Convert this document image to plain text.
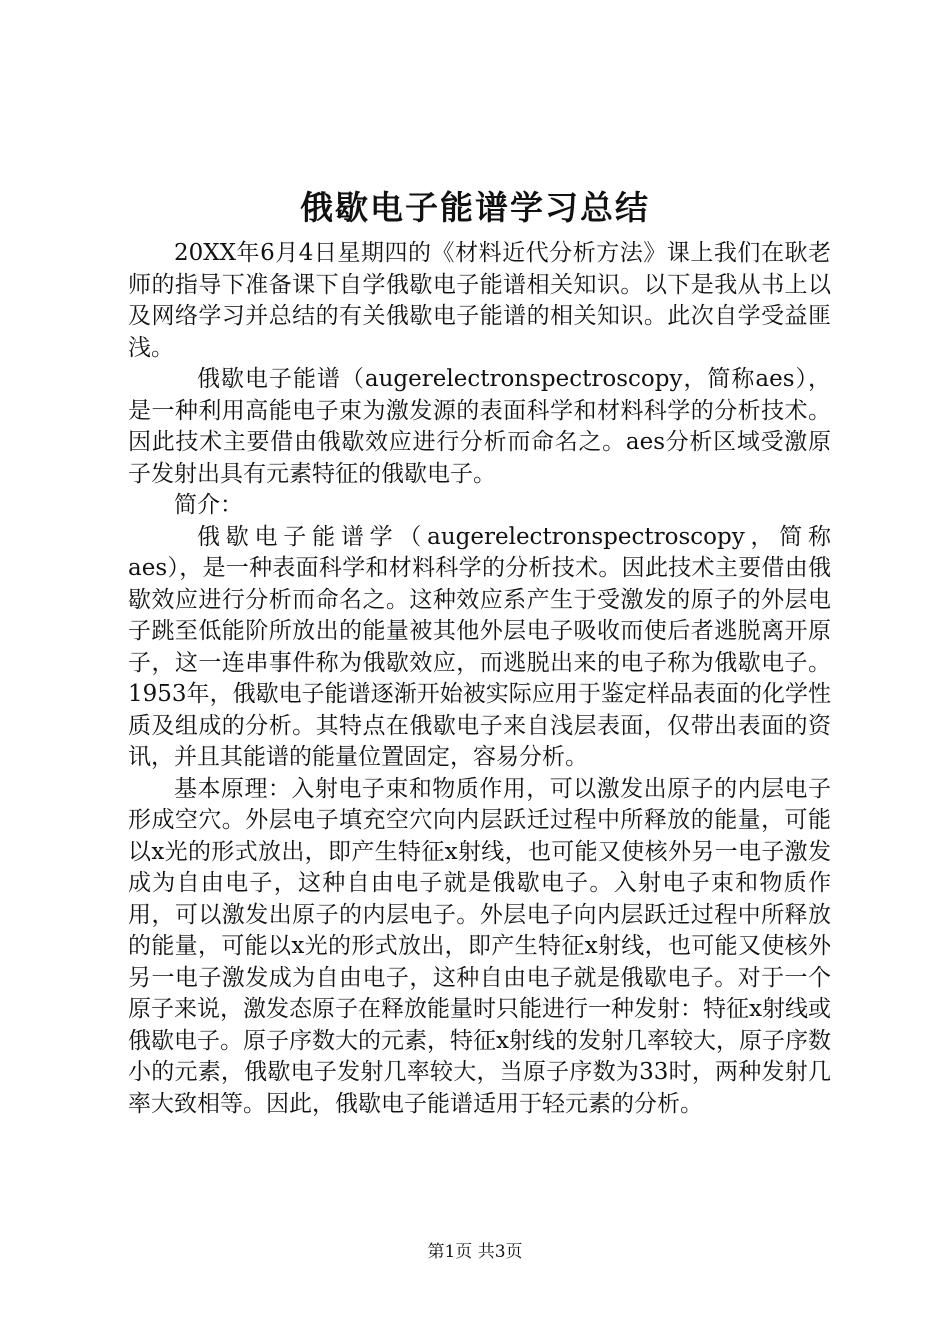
俄歇电子能谱学习总结

20XX年6月4日星期四的《材料近代分析方法》课上我们在耿老师的指导下准备课下自学俄歇电子能谱相关知识。以下是我从书上以及网络学习并总结的有关俄歇电子能谱的相关知识。此次自学受益匪浅。

俄歇电子能谱（augerelectronspectroscopy，简称aes），是一种利用高能电子束为激发源的表面科学和材料科学的分析技术。因此技术主要借由俄歇效应进行分析而命名之。aes分析区域受激原子发射出具有元素特征的俄歇电子。

简介：

俄歇电子能谱学（augerelectronspectroscopy，简称aes），是一种表面科学和材料科学的分析技术。因此技术主要借由俄歇效应进行分析而命名之。这种效应系产生于受激发的原子的外层电子跳至低能阶所放出的能量被其他外层电子吸收而使后者逃脱离开原子，这一连串事件称为俄歇效应，而逃脱出来的电子称为俄歇电子。1953年，俄歇电子能谱逐渐开始被实际应用于鉴定样品表面的化学性质及组成的分析。其特点在俄歇电子来自浅层表面，仅带出表面的资讯，并且其能谱的能量位置固定，容易分析。

基本原理：入射电子束和物质作用，可以激发出原子的内层电子形成空穴。外层电子填充空穴向内层跃迁过程中所释放的能量，可能以x光的形式放出，即产生特征x射线，也可能又使核外另一电子激发成为自由电子，这种自由电子就是俄歇电子。入射电子束和物质作用，可以激发出原子的内层电子。外层电子向内层跃迁过程中所释放的能量，可能以x光的形式放出，即产生特征x射线，也可能又使核外另一电子激发成为自由电子，这种自由电子就是俄歇电子。对于一个原子来说，激发态原子在释放能量时只能进行一种发射：特征x射线或俄歇电子。原子序数大的元素，特征x射线的发射几率较大，原子序数小的元素，俄歇电子发射几率较大，当原子序数为33时，两种发射几率大致相等。因此，俄歇电子能谱适用于轻元素的分析。

第1页 共3页
